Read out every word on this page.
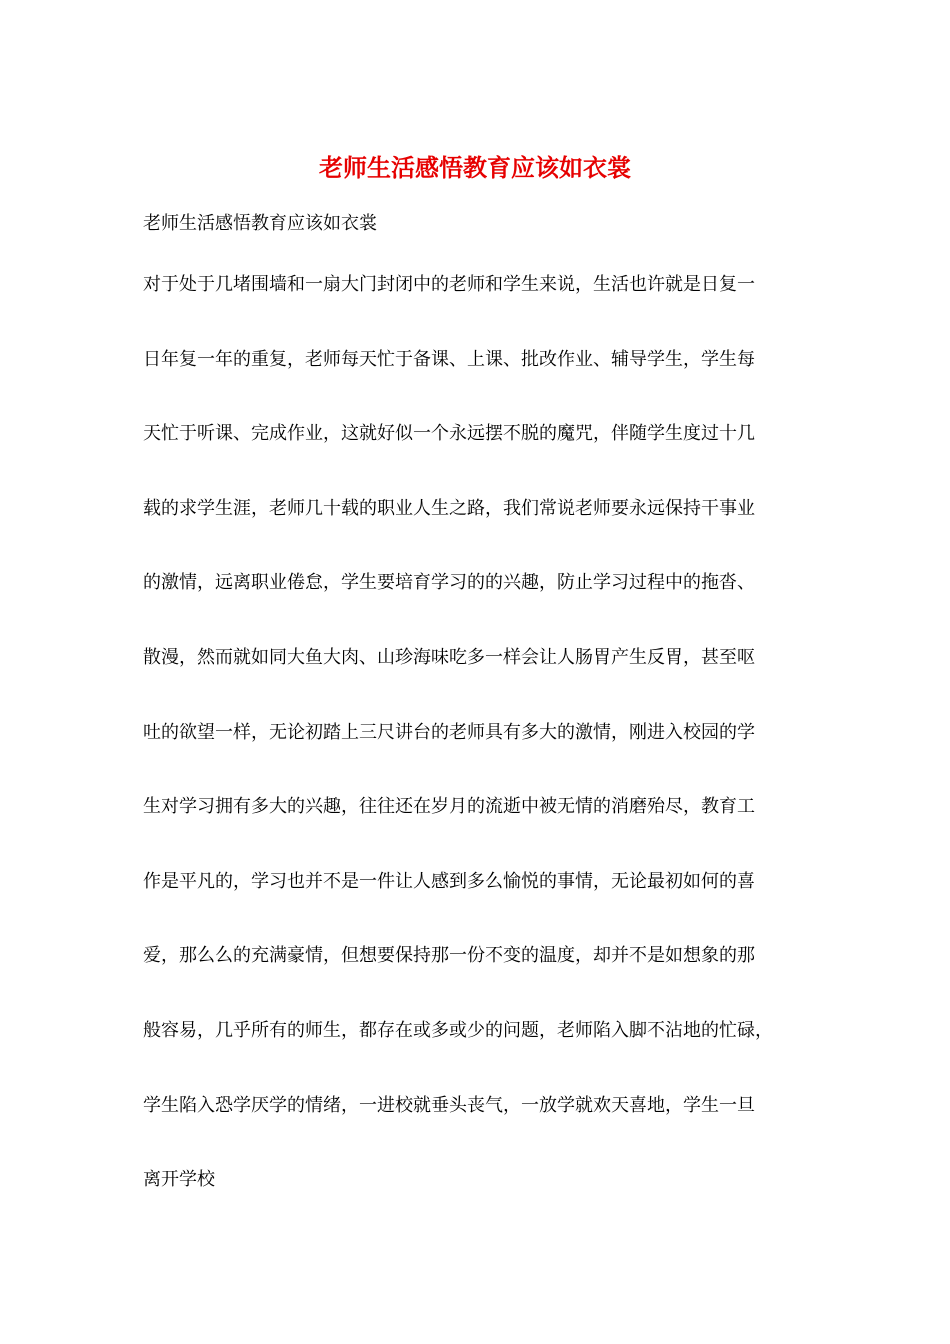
老师生活感悟教育应该如衣裳

老师生活感悟教育应该如衣裳

对于处于几堵围墙和一扇大门封闭中的老师和学生来说，生活也许就是日复一
日年复一年的重复，老师每天忙于备课、上课、批改作业、辅导学生，学生每
天忙于听课、完成作业，这就好似一个永远摆不脱的魔咒，伴随学生度过十几
载的求学生涯，老师几十载的职业人生之路，我们常说老师要永远保持干事业
的激情，远离职业倦怠，学生要培育学习的的兴趣，防止学习过程中的拖沓、
散漫，然而就如同大鱼大肉、山珍海味吃多一样会让人肠胃产生反胃，甚至呕
吐的欲望一样，无论初踏上三尺讲台的老师具有多大的激情，刚进入校园的学
生对学习拥有多大的兴趣，往往还在岁月的流逝中被无情的消磨殆尽，教育工
作是平凡的，学习也并不是一件让人感到多么愉悦的事情，无论最初如何的喜
爱，那么么的充满豪情，但想要保持那一份不变的温度，却并不是如想象的那
般容易，几乎所有的师生，都存在或多或少的问题，老师陷入脚不沾地的忙碌，
学生陷入恐学厌学的情绪，一进校就垂头丧气，一放学就欢天喜地，学生一旦
离开学校
